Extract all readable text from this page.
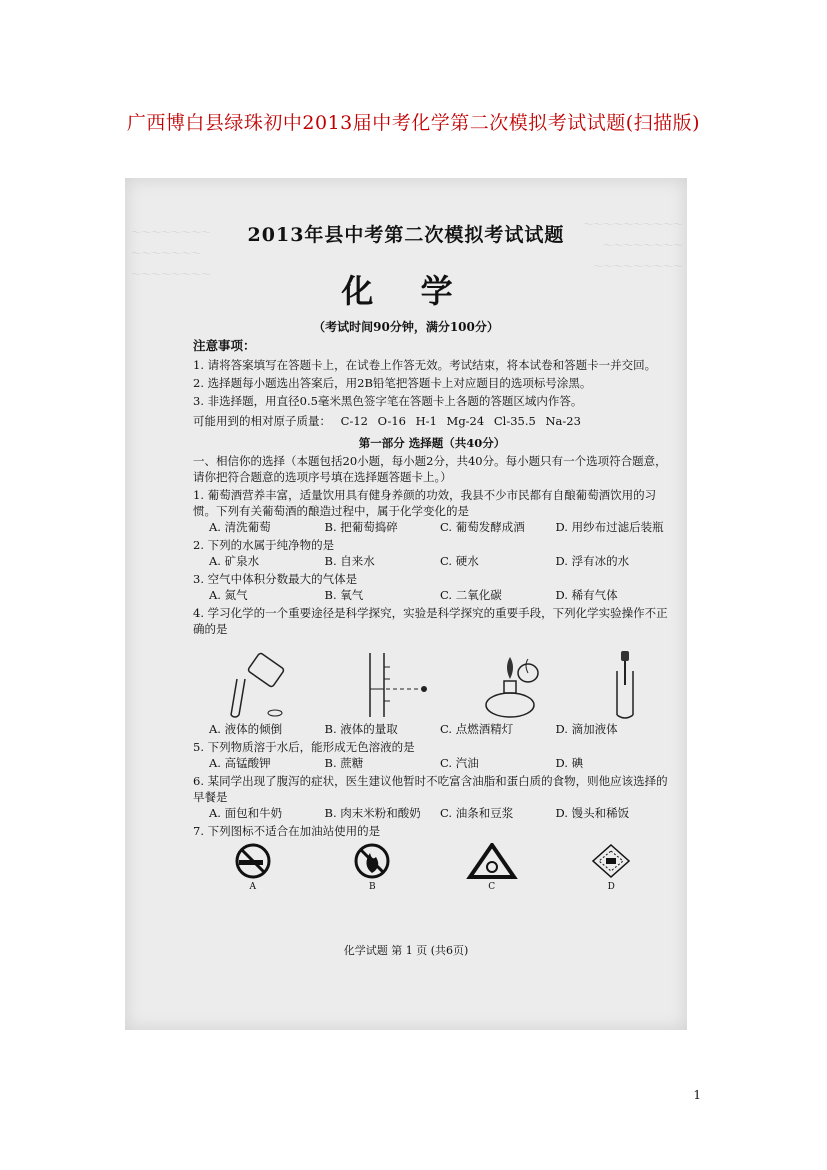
广西博白县绿珠初中2013届中考化学第二次模拟考试试题(扫描版)
～～～～～～～～
～～～～～～～
～～～～～～～～
～～～～～～～～～～
～～～～～～～～
～～～～～～～～～
2013年县中考第二次模拟考试试题
化 学
（考试时间90分钟，满分100分）
注意事项：
1. 请将答案填写在答题卡上，在试卷上作答无效。考试结束，将本试卷和答题卡一并交回。
2. 选择题每小题选出答案后，用2B铅笔把答题卡上对应题目的选项标号涂黑。
3. 非选择题，用直径0.5毫米黑色签字笔在答题卡上各题的答题区域内作答。
可能用到的相对原子质量： C-12 O-16 H-1 Mg-24 Cl-35.5 Na-23
第一部分 选择题（共40分）
一、相信你的选择（本题包括20小题，每小题2分，共40分。每小题只有一个选项符合题意，请你把符合题意的选项序号填在选择题答题卡上。）
1. 葡萄酒营养丰富，适量饮用具有健身养颜的功效，我县不少市民都有自酿葡萄酒饮用的习惯。下列有关葡萄酒的酿造过程中，属于化学变化的是
A. 清洗葡萄	B. 把葡萄捣碎	C. 葡萄发酵成酒	D. 用纱布过滤后装瓶
2. 下列的水属于纯净物的是
A. 矿泉水	B. 自来水	C. 硬水	D. 浮有冰的水
3. 空气中体积分数最大的气体是
A. 氮气	B. 氧气	C. 二氧化碳	D. 稀有气体
4. 学习化学的一个重要途径是科学探究，实验是科学探究的重要手段，下列化学实验操作不正确的是
A. 液体的倾倒	B. 液体的量取	C. 点燃酒精灯	D. 滴加液体
5. 下列物质溶于水后，能形成无色溶液的是
A. 高锰酸钾	B. 蔗糖	C. 汽油	D. 碘
6. 某同学出现了腹泻的症状，医生建议他暂时不吃富含油脂和蛋白质的食物，则他应该选择的早餐是
A. 面包和牛奶	B. 肉末米粉和酸奶	C. 油条和豆浆	D. 馒头和稀饭
7. 下列图标不适合在加油站使用的是
A	B	C	D
化学试题 第 1 页 (共6页)
1
